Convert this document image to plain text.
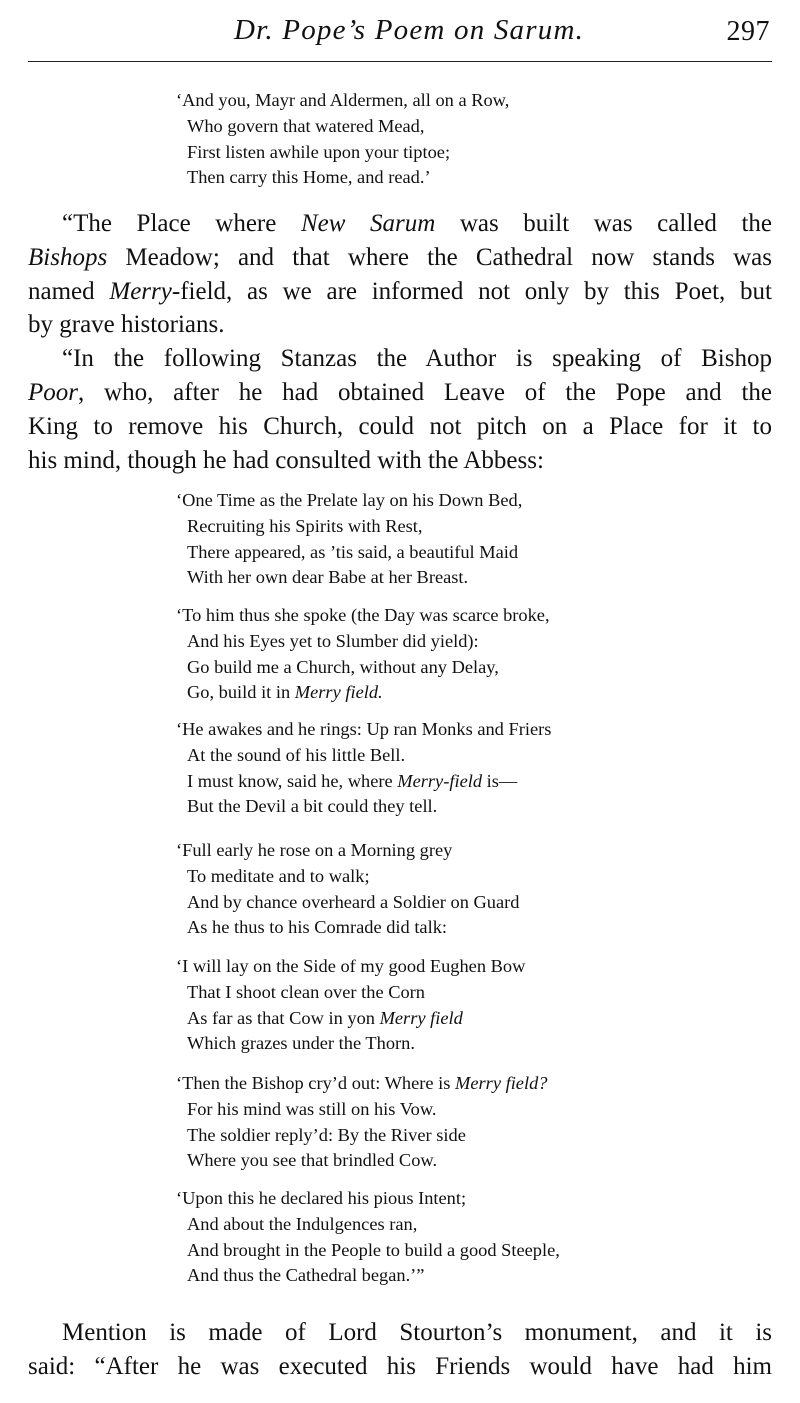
Dr. Pope’s Poem on Sarum.	297
‘And you, Mayr and Aldermen, all on a Row,
Who govern that watered Mead,
First listen awhile upon your tiptoe;
Then carry this Home, and read.’

“The Place where New Sarum was built was called the
Bishops Meadow; and that where the Cathedral now stands was
named Merry-field, as we are informed not only by this Poet, but
by grave historians.

“In the following Stanzas the Author is speaking of Bishop
Poor, who, after he had obtained Leave of the Pope and the
King to remove his Church, could not pitch on a Place for it to
his mind, though he had consulted with the Abbess:

‘One Time as the Prelate lay on his Down Bed,
Recruiting his Spirits with Rest,
There appeared, as ’tis said, a beautiful Maid
With her own dear Babe at her Breast.
‘To him thus she spoke (the Day was scarce broke,
And his Eyes yet to Slumber did yield):
Go build me a Church, without any Delay,
Go, build it in Merry field.
‘He awakes and he rings: Up ran Monks and Friers
At the sound of his little Bell.
I must know, said he, where Merry-field is—
But the Devil a bit could they tell.
‘Full early he rose on a Morning grey
To meditate and to walk;
And by chance overheard a Soldier on Guard
As he thus to his Comrade did talk:
‘I will lay on the Side of my good Eughen Bow
That I shoot clean over the Corn
As far as that Cow in yon Merry field
Which grazes under the Thorn.
‘Then the Bishop cry’d out: Where is Merry field?
For his mind was still on his Vow.
The soldier reply’d: By the River side
Where you see that brindled Cow.
‘Upon this he declared his pious Intent;
And about the Indulgences ran,
And brought in the People to build a good Steeple,
And thus the Cathedral began.’”
Mention is made of Lord Stourton’s monument, and it is
said: “After he was executed his Friends would have had him
